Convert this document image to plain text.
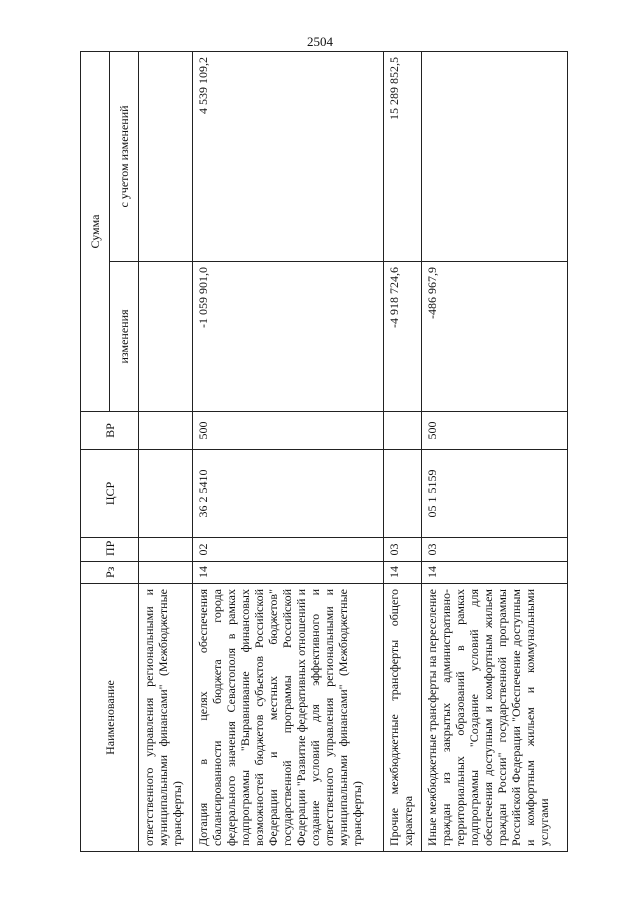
2504
Наименование	Рз	ПР	ЦСР	ВР	Сумма	
					изменения	с учетом изменений
ответственного управления региональными и муниципальными финансами" (Межбюджетные трансферты)						
Дотация в целях обеспечения сбалансированности бюджета города федерального значения Севастополя в рамках подпрограммы "Выравнивание финансовых возможностей бюджетов субъектов Российской Федерации и местных бюджетов" государственной программы Российской Федерации "Развитие федеративных отношений и создание условий для эффективного и ответственного управления региональными и муниципальными финансами" (Межбюджетные трансферты)	14	02	36 2 5410	500	-1 059 901,0	4 539 109,2
Прочие межбюджетные трансферты общего характера	14	03			-4 918 724,6	15 289 852,5
Иные межбюджетные трансферты на переселение граждан из закрытых административно-территориальных образований в рамках подпрограммы "Создание условий для обеспечения доступным и комфортным жильем граждан России" государственной программы Российской Федерации "Обеспечение доступным и комфортным жильем и коммунальными услугами	14	03	05 1 5159	500	-486 967,9	
